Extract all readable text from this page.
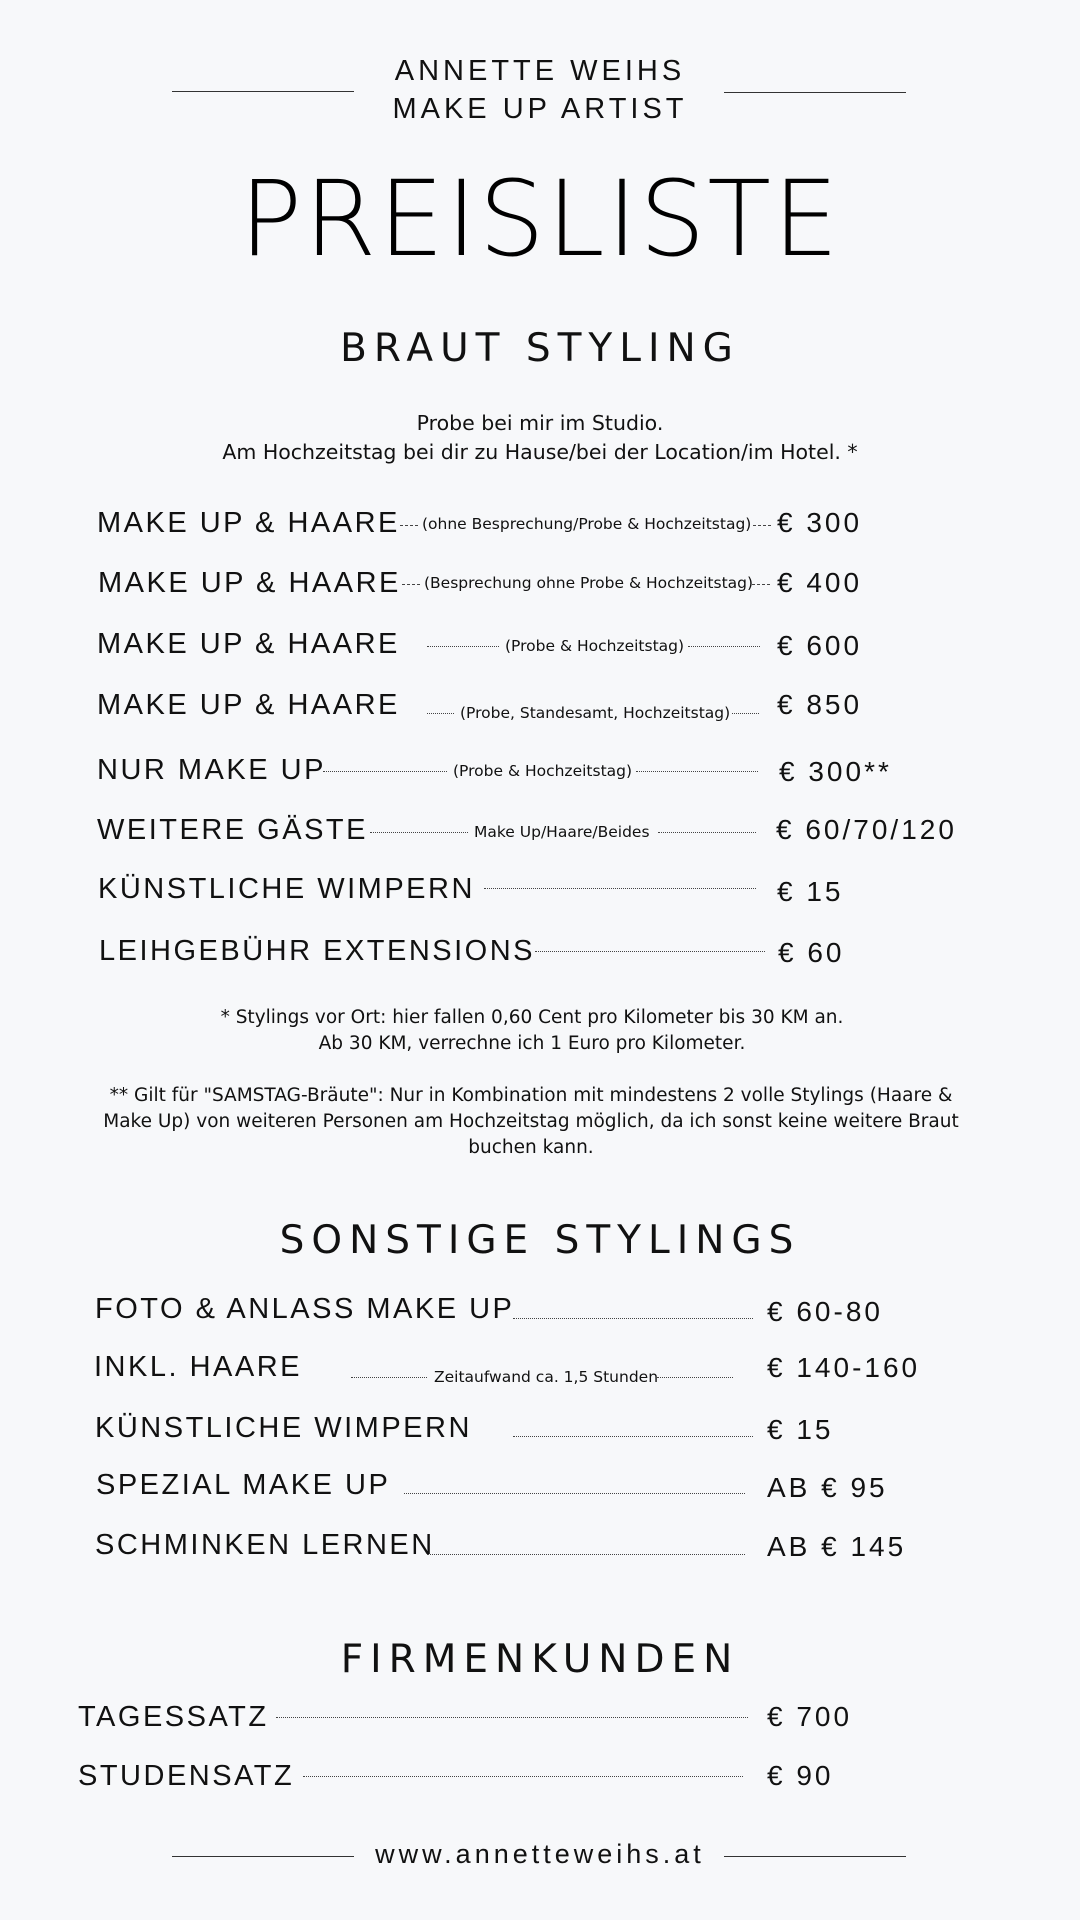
ANNETTE WEIHS
MAKE UP ARTIST
PREISLISTE
BRAUT STYLING
Probe bei mir im Studio.
Am Hochzeitstag bei dir zu Hause/bei der Location/im Hotel. *
MAKE UP & HAARE (ohne Besprechung/Probe & Hochzeitstag) € 300
MAKE UP & HAARE (Besprechung ohne Probe & Hochzeitstag) € 400
MAKE UP & HAARE	(Probe & Hochzeitstag)	€ 600
MAKE UP & HAARE	(Probe, Standesamt, Hochzeitstag) € 850
NUR MAKE UP	(Probe & Hochzeitstag)	€ 300**
WEITERE GÄSTE	Make Up/Haare/Beides	€ 60/70/120
KÜNSTLICHE WIMPERN	€ 15
LEIHGEBÜHR EXTENSIONS	€ 60
* Stylings vor Ort: hier fallen 0,60 Cent pro Kilometer bis 30 KM an.
Ab 30 KM, verrechne ich 1 Euro pro Kilometer.
** Gilt für "SAMSTAG-Bräute": Nur in Kombination mit mindestens 2 volle Stylings (Haare & Make Up) von weiteren Personen am Hochzeitstag möglich, da ich sonst keine weitere Braut buchen kann.
SONSTIGE STYLINGS
FOTO & ANLASS MAKE UP	€ 60-80
INKL. HAARE	Zeitaufwand ca. 1,5 Stunden	€ 140-160
KÜNSTLICHE WIMPERN	€ 15
SPEZIAL MAKE UP	AB € 95
SCHMINKEN LERNEN	AB € 145
FIRMENKUNDEN
TAGESSATZ	€ 700
STUDENSATZ	€ 90
www.annetteweihs.at
